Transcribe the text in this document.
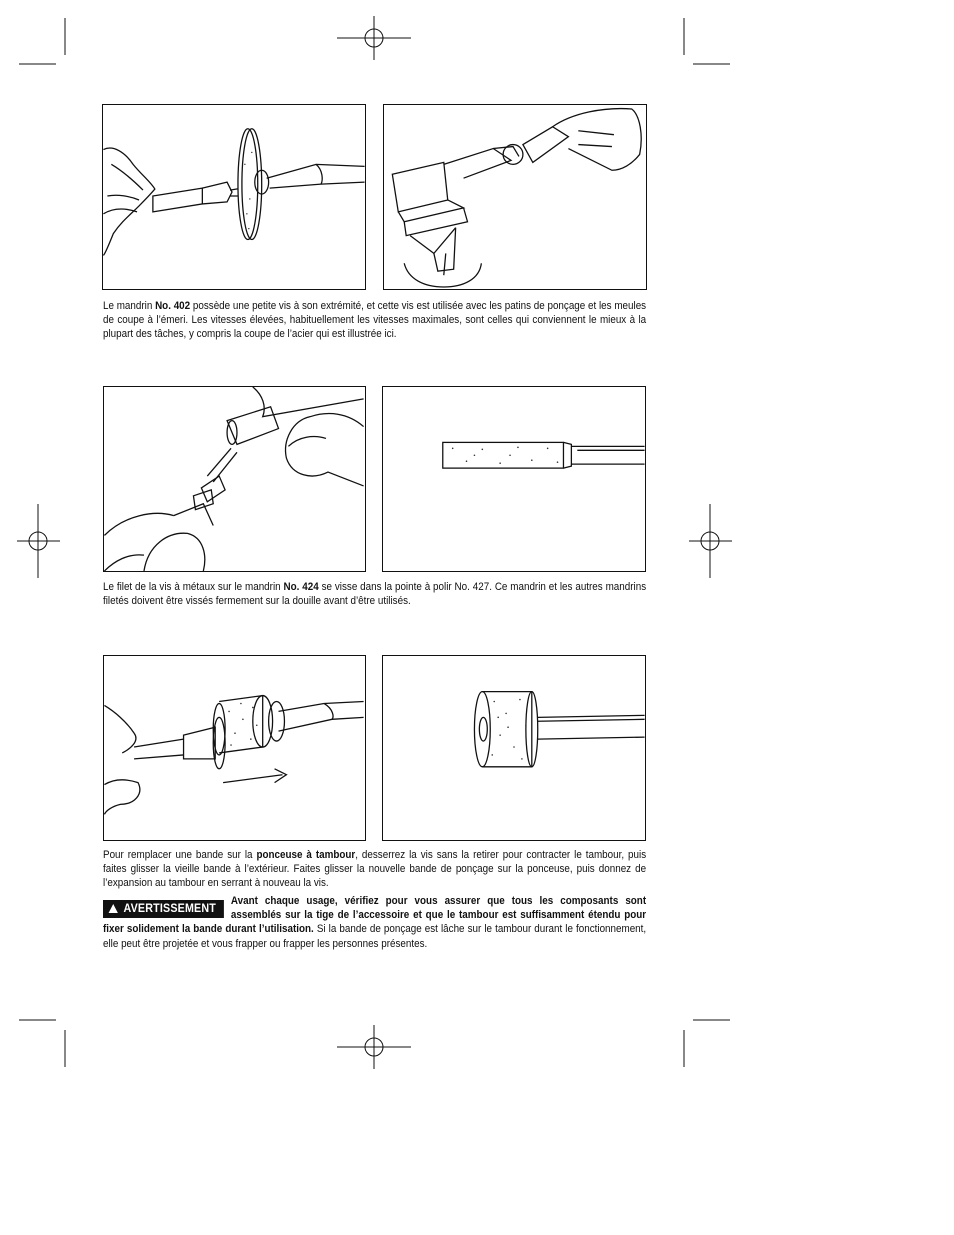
Le mandrin No. 402 possède une petite vis à son extrémité, et cette vis est utilisée avec les patins de ponçage et les meules de coupe à l’émeri. Les vitesses élevées, habituellement les vitesses maximales, sont celles qui conviennent le mieux à la plupart des tâches, y compris la coupe de l’acier qui est illustrée ici.
Le filet de la vis à métaux sur le mandrin No. 424 se visse dans la pointe à polir No. 427. Ce mandrin et les autres mandrins filetés doivent être vissés fermement sur la douille avant d’être utilisés.
Pour remplacer une bande sur la ponceuse à tambour, desserrez la vis sans la retirer pour contracter le tambour, puis faites glisser la vieille bande à l’extérieur. Faites glisser la nouvelle bande de ponçage sur la ponceuse, puis donnez de l’expansion au tambour en serrant à nouveau la vis.
AVERTISSEMENT
Avant chaque usage, vérifiez pour vous assurer que tous les composants sont assemblés sur la tige de l’accessoire et que le tambour est suffisamment étendu pour fixer solidement la bande durant l’utilisation. Si la bande de ponçage est lâche sur le tambour durant le fonctionnement, elle peut être projetée et vous frapper ou frapper les personnes présentes.
